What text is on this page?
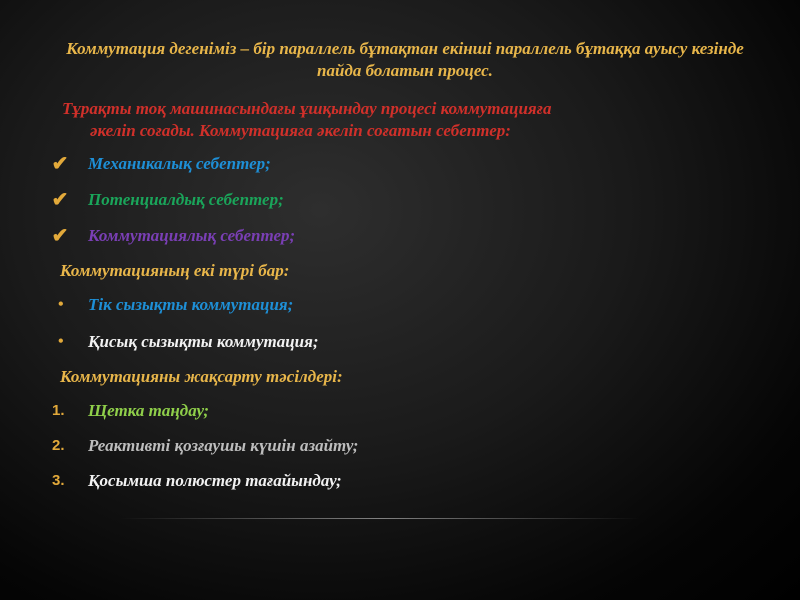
Коммутация дегеніміз – бір параллель бұтақтан екінші параллель бұтаққа ауысу кезінде пайда болатын процес.
Тұрақты тоқ машинасындағы ұшқындау процесі коммутацияға
әкеліп соғады. Коммутацияға әкеліп соғатын себептер:
✔	Механикалық себептер;
✔	Потенциалдық себептер;
✔	Коммутациялық себептер;
Коммутацияның екі түрі бар:
• Тік сызықты коммутация;
• Қисық сызықты коммутация;
Коммутацияны жақсарту тәсілдері:
1. Щетка таңдау;
2. Реактивті қозғаушы күшін азайту;
3. Қосымша полюстер тағайындау;
